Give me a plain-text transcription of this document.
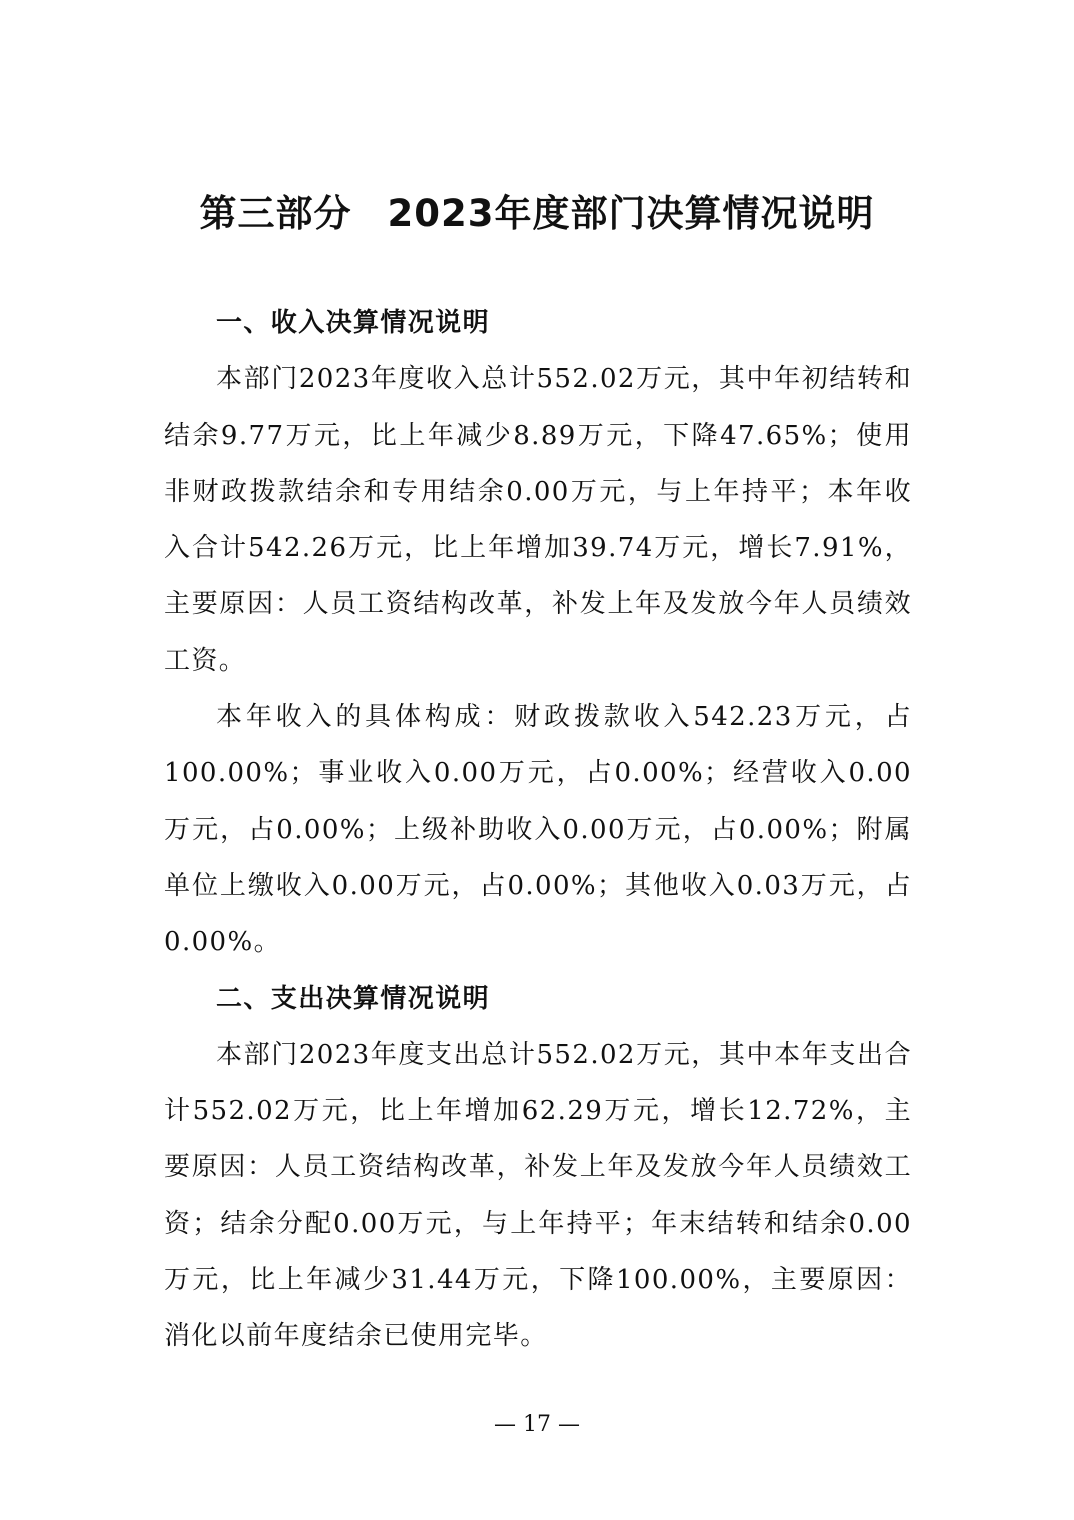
第三部分 2023年度部门决算情况说明
一、收入决算情况说明

本部门2023年度收入总计552.02万元，其中年初结转和结余9.77万元，比上年减少8.89万元，下降47.65%；使用非财政拨款结余和专用结余0.00万元，与上年持平；本年收入合计542.26万元，比上年增加39.74万元，增长7.91%，主要原因：人员工资结构改革，补发上年及发放今年人员绩效工资。

本年收入的具体构成：财政拨款收入542.23万元，占100.00%；事业收入0.00万元，占0.00%；经营收入0.00万元，占0.00%；上级补助收入0.00万元，占0.00%；附属单位上缴收入0.00万元，占0.00%；其他收入0.03万元，占0.00%。

二、支出决算情况说明

本部门2023年度支出总计552.02万元，其中本年支出合计552.02万元，比上年增加62.29万元，增长12.72%，主要原因：人员工资结构改革，补发上年及发放今年人员绩效工资；结余分配0.00万元，与上年持平；年末结转和结余0.00万元，比上年减少31.44万元，下降100.00%，主要原因：消化以前年度结余已使用完毕。

— 17 —
